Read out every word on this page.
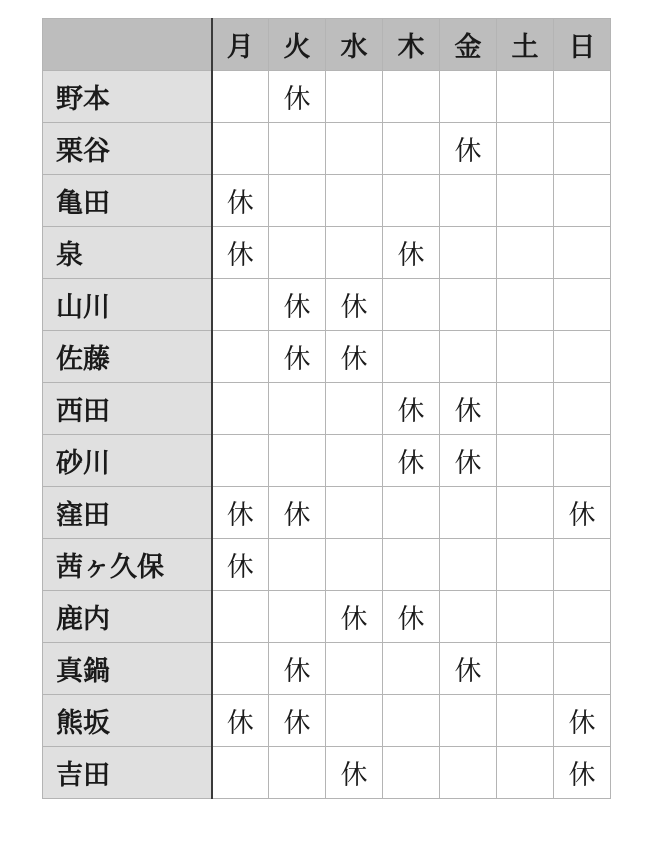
	月	火	水	木	金	土	日
野本		休					
栗谷					休		
亀田	休						
泉	休			休			
山川		休	休				
佐藤		休	休				
西田				休	休		
砂川				休	休		
窪田	休	休					休
茜ヶ久保	休						
鹿内			休	休			
真鍋		休			休		
熊坂	休	休					休
吉田			休				休
